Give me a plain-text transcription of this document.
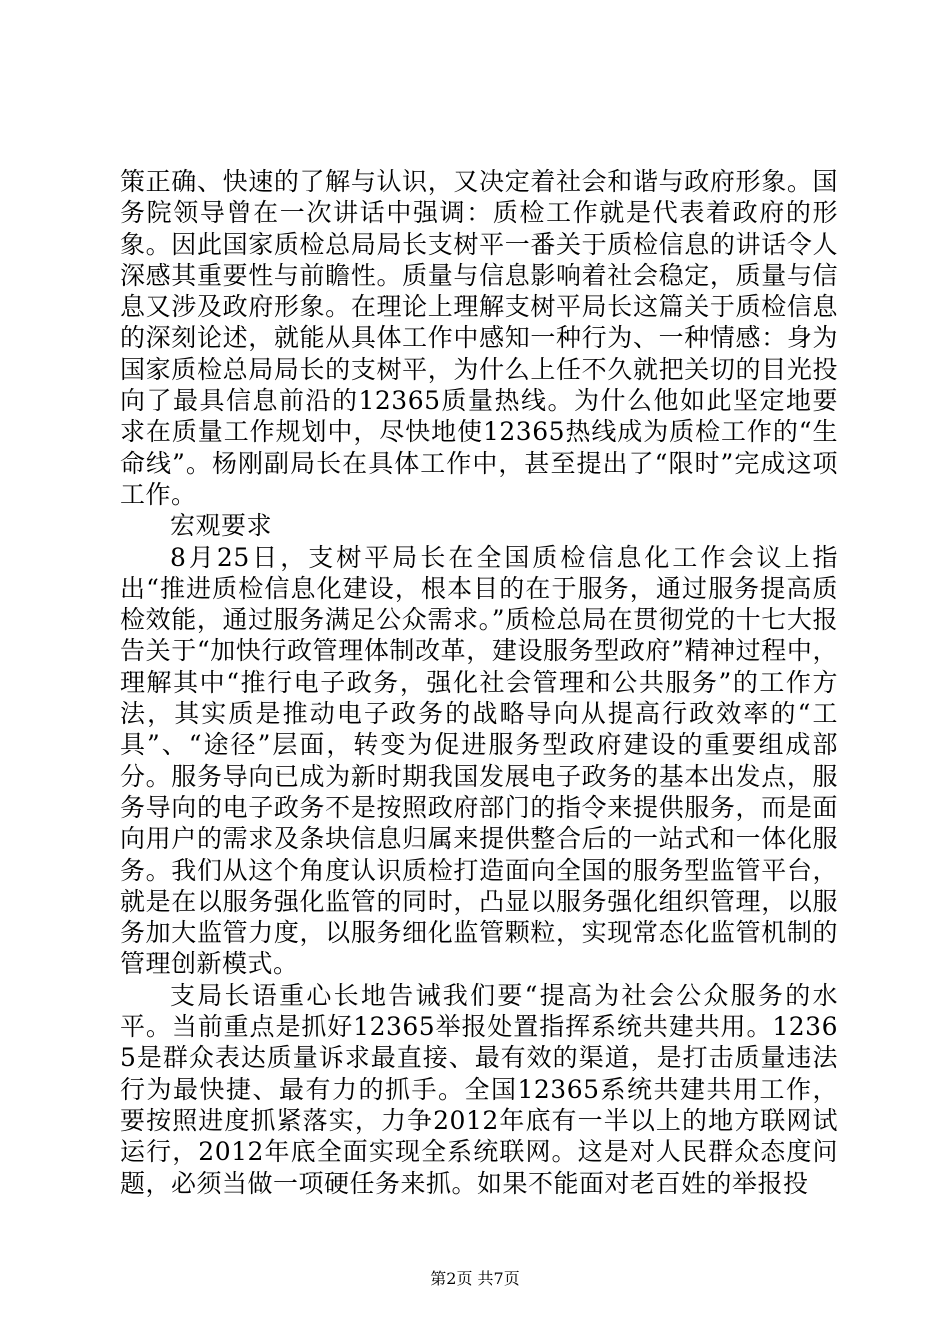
策正确、快速的了解与认识，又决定着社会和谐与政府形象。国务院领导曾在一次讲话中强调：质检工作就是代表着政府的形象。因此国家质检总局局长支树平一番关于质检信息的讲话令人深感其重要性与前瞻性。质量与信息影响着社会稳定，质量与信息又涉及政府形象。在理论上理解支树平局长这篇关于质检信息的深刻论述，就能从具体工作中感知一种行为、一种情感：身为国家质检总局局长的支树平，为什么上任不久就把关切的目光投向了最具信息前沿的12365质量热线。为什么他如此坚定地要求在质量工作规划中，尽快地使12365热线成为质检工作的“生命线”。杨刚副局长在具体工作中，甚至提出了“限时”完成这项工作。

宏观要求

8月25日，支树平局长在全国质检信息化工作会议上指出“推进质检信息化建设，根本目的在于服务，通过服务提高质检效能，通过服务满足公众需求。”质检总局在贯彻党的十七大报告关于“加快行政管理体制改革，建设服务型政府”精神过程中，理解其中“推行电子政务，强化社会管理和公共服务”的工作方法，其实质是推动电子政务的战略导向从提高行政效率的“工具”、“途径”层面，转变为促进服务型政府建设的重要组成部分。服务导向已成为新时期我国发展电子政务的基本出发点，服务导向的电子政务不是按照政府部门的指令来提供服务，而是面向用户的需求及条块信息归属来提供整合后的一站式和一体化服务。我们从这个角度认识质检打造面向全国的服务型监管平台，就是在以服务强化监管的同时，凸显以服务强化组织管理，以服务加大监管力度，以服务细化监管颗粒，实现常态化监管机制的管理创新模式。

支局长语重心长地告诫我们要“提高为社会公众服务的水平。当前重点是抓好12365举报处置指挥系统共建共用。12365是群众表达质量诉求最直接、最有效的渠道，是打击质量违法行为最快捷、最有力的抓手。全国12365系统共建共用工作，要按照进度抓紧落实，力争2012年底有一半以上的地方联网试运行，2012年底全面实现全系统联网。这是对人民群众态度问题，必须当做一项硬任务来抓。如果不能面对老百姓的举报投

第2页 共7页
